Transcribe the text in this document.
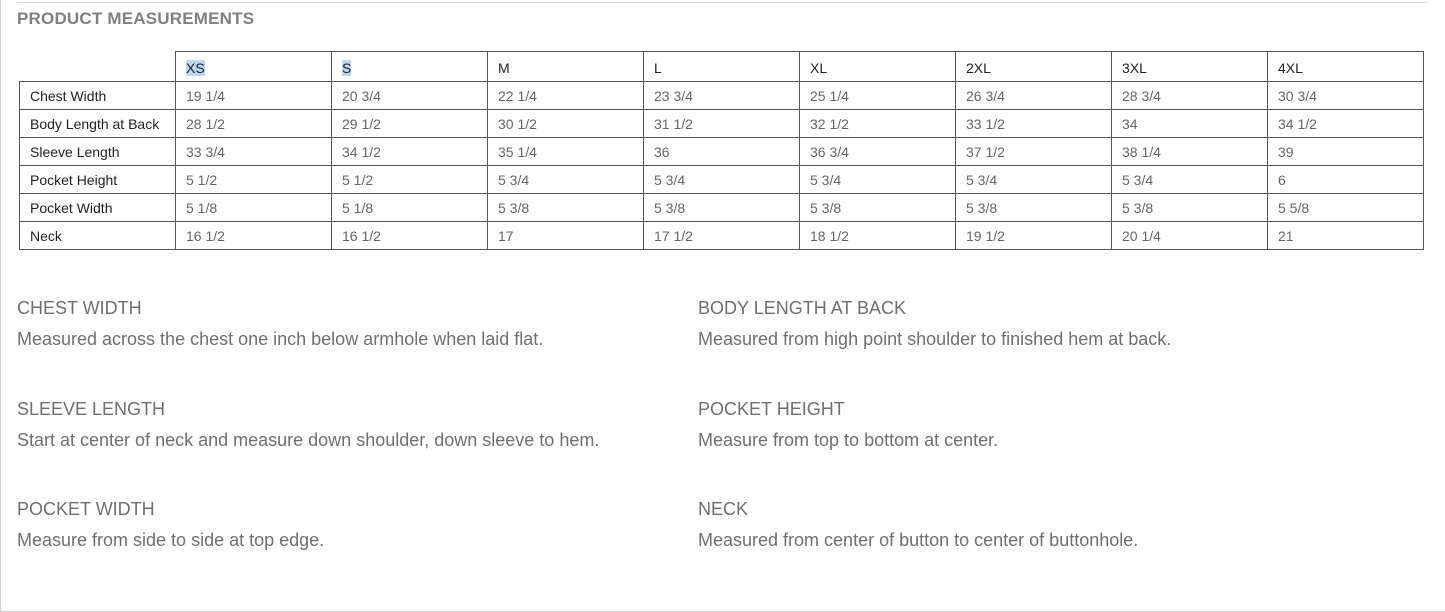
PRODUCT MEASUREMENTS
	XS	S	M	L	XL	2XL	3XL	4XL
Chest Width	19 1/4	20 3/4	22 1/4	23 3/4	25 1/4	26 3/4	28 3/4	30 3/4
Body Length at Back	28 1/2	29 1/2	30 1/2	31 1/2	32 1/2	33 1/2	34	34 1/2
Sleeve Length	33 3/4	34 1/2	35 1/4	36	36 3/4	37 1/2	38 1/4	39
Pocket Height	5 1/2	5 1/2	5 3/4	5 3/4	5 3/4	5 3/4	5 3/4	6
Pocket Width	5 1/8	5 1/8	5 3/8	5 3/8	5 3/8	5 3/8	5 3/8	5 5/8
Neck	16 1/2	16 1/2	17	17 1/2	18 1/2	19 1/2	20 1/4	21
CHEST WIDTH
Measured across the chest one inch below armhole when laid flat.
BODY LENGTH AT BACK
Measured from high point shoulder to finished hem at back.
SLEEVE LENGTH
Start at center of neck and measure down shoulder, down sleeve to hem.
POCKET HEIGHT
Measure from top to bottom at center.
POCKET WIDTH
Measure from side to side at top edge.
NECK
Measured from center of button to center of buttonhole.
